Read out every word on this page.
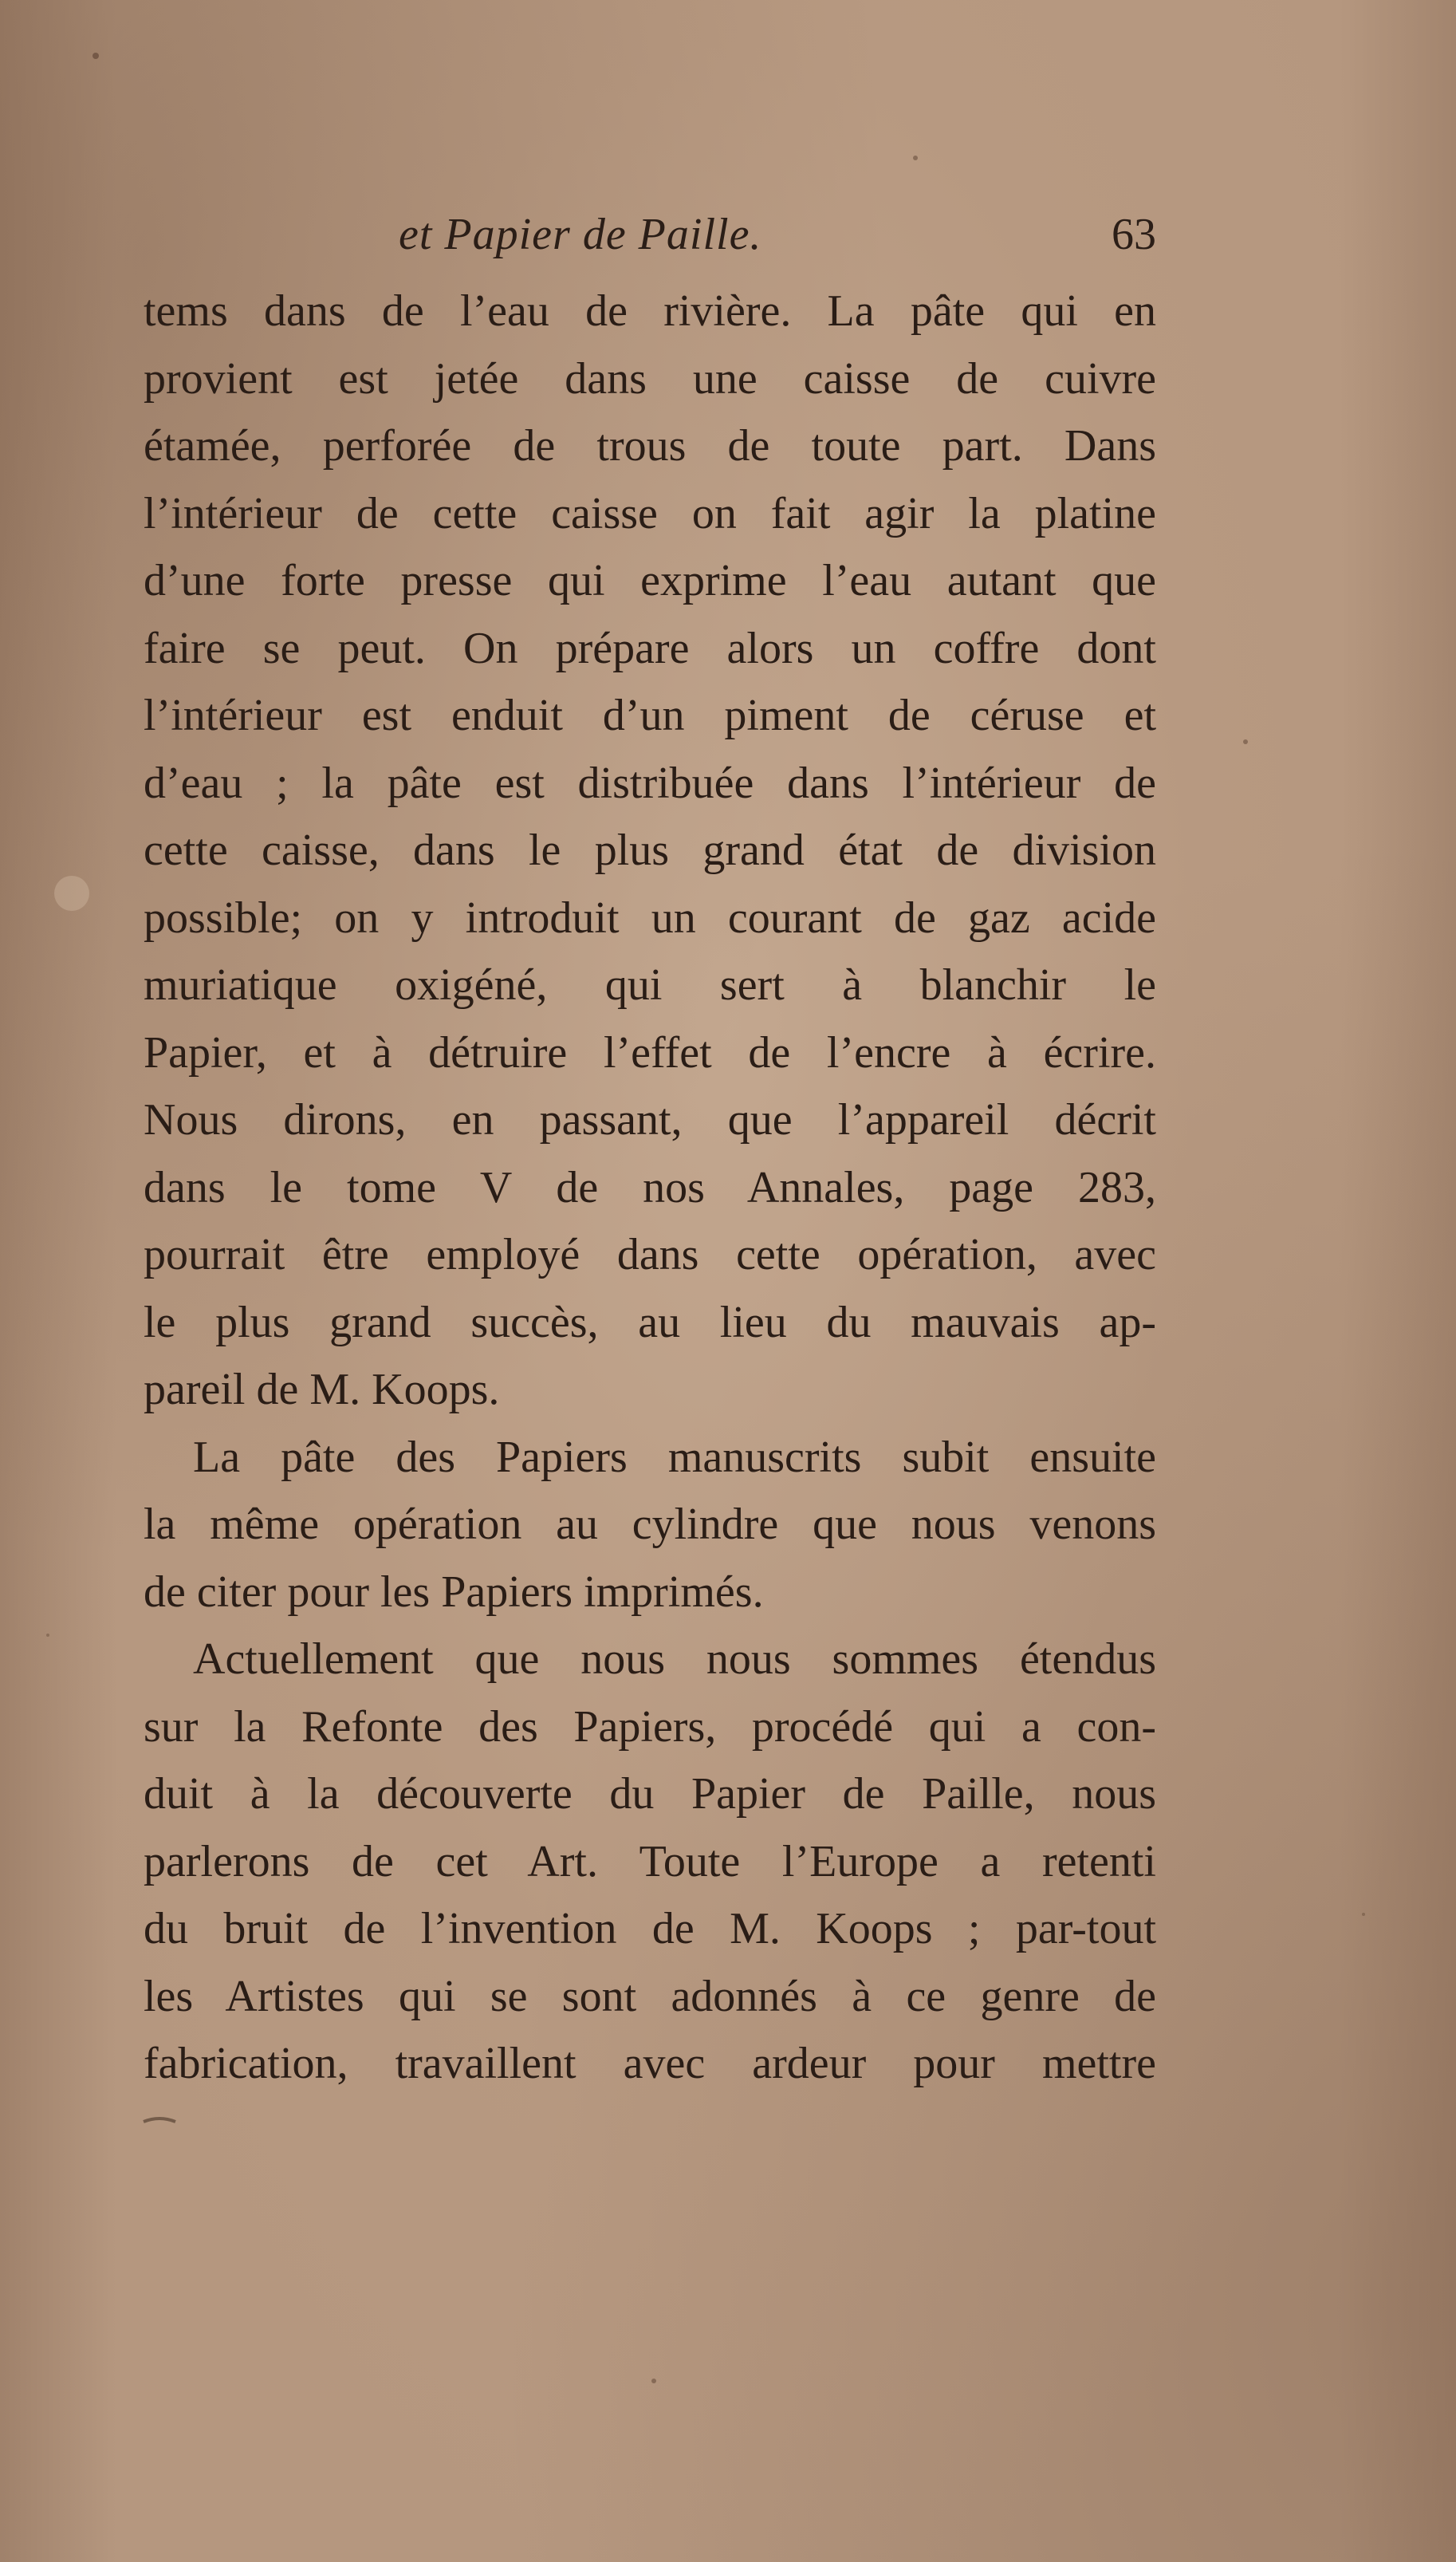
et Papier de Paille.	63
tems dans de l’eau de rivière. La pâte qui en
provient est jetée dans une caisse de cuivre
étamée, perforée de trous de toute part. Dans
l’intérieur de cette caisse on fait agir la platine
d’une forte presse qui exprime l’eau autant que
faire se peut. On prépare alors un coffre dont
l’intérieur est enduit d’un piment de céruse et
d’eau ; la pâte est distribuée dans l’intérieur de
cette caisse, dans le plus grand état de division
possible; on y introduit un courant de gaz acide
muriatique oxigéné, qui sert à blanchir le
Papier, et à détruire l’effet de l’encre à écrire.
Nous dirons, en passant, que l’appareil décrit
dans le tome V de nos Annales, page 283,
pourrait être employé dans cette opération, avec
le plus grand succès, au lieu du mauvais ap-
pareil de M. Koops.
La pâte des Papiers manuscrits subit ensuite
la même opération au cylindre que nous venons
de citer pour les Papiers imprimés.
Actuellement que nous nous sommes étendus
sur la Refonte des Papiers, procédé qui a con-
duit à la découverte du Papier de Paille, nous
parlerons de cet Art. Toute l’Europe a retenti
du bruit de l’invention de M. Koops ; par-tout
les Artistes qui se sont adonnés à ce genre de
fabrication, travaillent avec ardeur pour mettre
